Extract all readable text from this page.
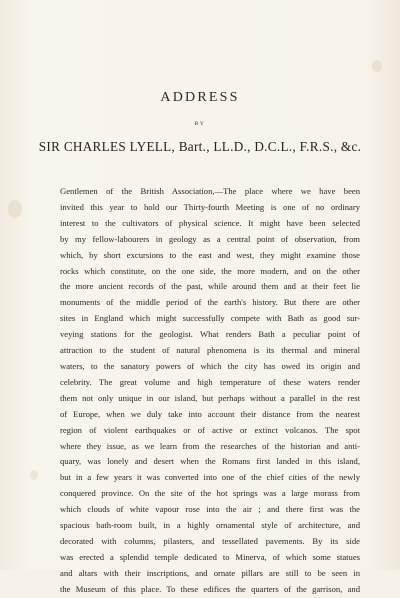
ADDRESS
BY
SIR CHARLES LYELL, Bart., LL.D., D.C.L., F.R.S., &c.
Gentlemen of the British Association,—The place where we have been
invited this year to hold our Thirty-fourth Meeting is one of no ordinary
interest to the cultivators of physical science. It might have been selected
by my fellow-labourers in geology as a central point of observation, from
which, by short excursions to the east and west, they might examine those
rocks which constitute, on the one side, the more modern, and on the other
the more ancient records of the past, while around them and at their feet lie
monuments of the middle period of the earth's history. But there are other
sites in England which might successfully compete with Bath as good sur-
veying stations for the geologist. What renders Bath a peculiar point of
attraction to the student of natural phenomena is its thermal and mineral
waters, to the sanatory powers of which the city has owed its origin and
celebrity. The great volume and high temperature of these waters render
them not only unique in our island, but perhaps without a parallel in the rest
of Europe, when we duly take into account their distance from the nearest
region of violent earthquakes or of active or extinct volcanos. The spot
where they issue, as we learn from the researches of the historian and anti-
quary, was lonely and desert when the Romans first landed in this island,
but in a few years it was converted into one of the chief cities of the newly
conquered province. On the site of the hot springs was a large morass from
which clouds of white vapour rose into the air ; and there first was the
spacious bath-room built, in a highly ornamental style of architecture, and
decorated with columns, pilasters, and tessellated pavements. By its side
was erected a splendid temple dedicated to Minerva, of which some statues
and altars with their inscriptions, and ornate pillars are still to be seen in
the Museum of this place. To these edifices the quarters of the garrison, and
